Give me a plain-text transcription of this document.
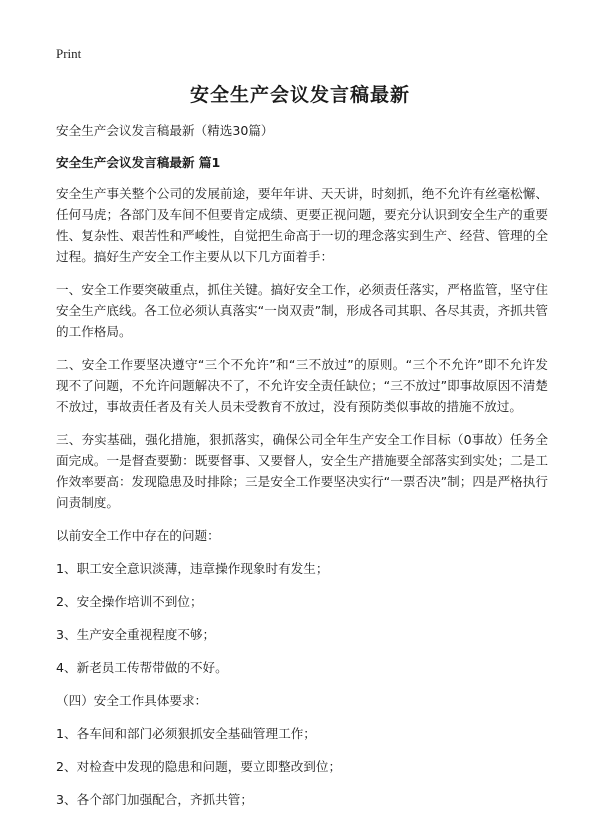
Print
安全生产会议发言稿最新

安全生产会议发言稿最新（精选30篇）

安全生产会议发言稿最新 篇1

安全生产事关整个公司的发展前途，要年年讲、天天讲，时刻抓，绝不允许有丝毫松懈、任何马虎；各部门及车间不但要肯定成绩、更要正视问题，要充分认识到安全生产的重要性、复杂性、艰苦性和严峻性，自觉把生命高于一切的理念落实到生产、经营、管理的全过程。搞好生产安全工作主要从以下几方面着手：

一、安全工作要突破重点，抓住关键。搞好安全工作，必须责任落实，严格监管，坚守住安全生产底线。各工位必须认真落实“一岗双责”制，形成各司其职、各尽其责，齐抓共管的工作格局。

二、安全工作要坚决遵守“三个不允许”和“三不放过”的原则。“三个不允许”即不允许发现不了问题，不允许问题解决不了，不允许安全责任缺位；“三不放过”即事故原因不清楚不放过，事故责任者及有关人员未受教育不放过，没有预防类似事故的措施不放过。

三、夯实基础，强化措施，狠抓落实，确保公司全年生产安全工作目标（0事故）任务全面完成。一是督查要勤：既要督事、又要督人，安全生产措施要全部落实到实处；二是工作效率要高：发现隐患及时排除；三是安全工作要坚决实行“一票否决”制；四是严格执行问责制度。

以前安全工作中存在的问题：

1、职工安全意识淡薄，违章操作现象时有发生；

2、安全操作培训不到位；

3、生产安全重视程度不够；

4、新老员工传帮带做的不好。

（四）安全工作具体要求：

1、各车间和部门必须狠抓安全基础管理工作；

2、对检查中发现的隐患和问题，要立即整改到位；

3、各个部门加强配合，齐抓共管；
